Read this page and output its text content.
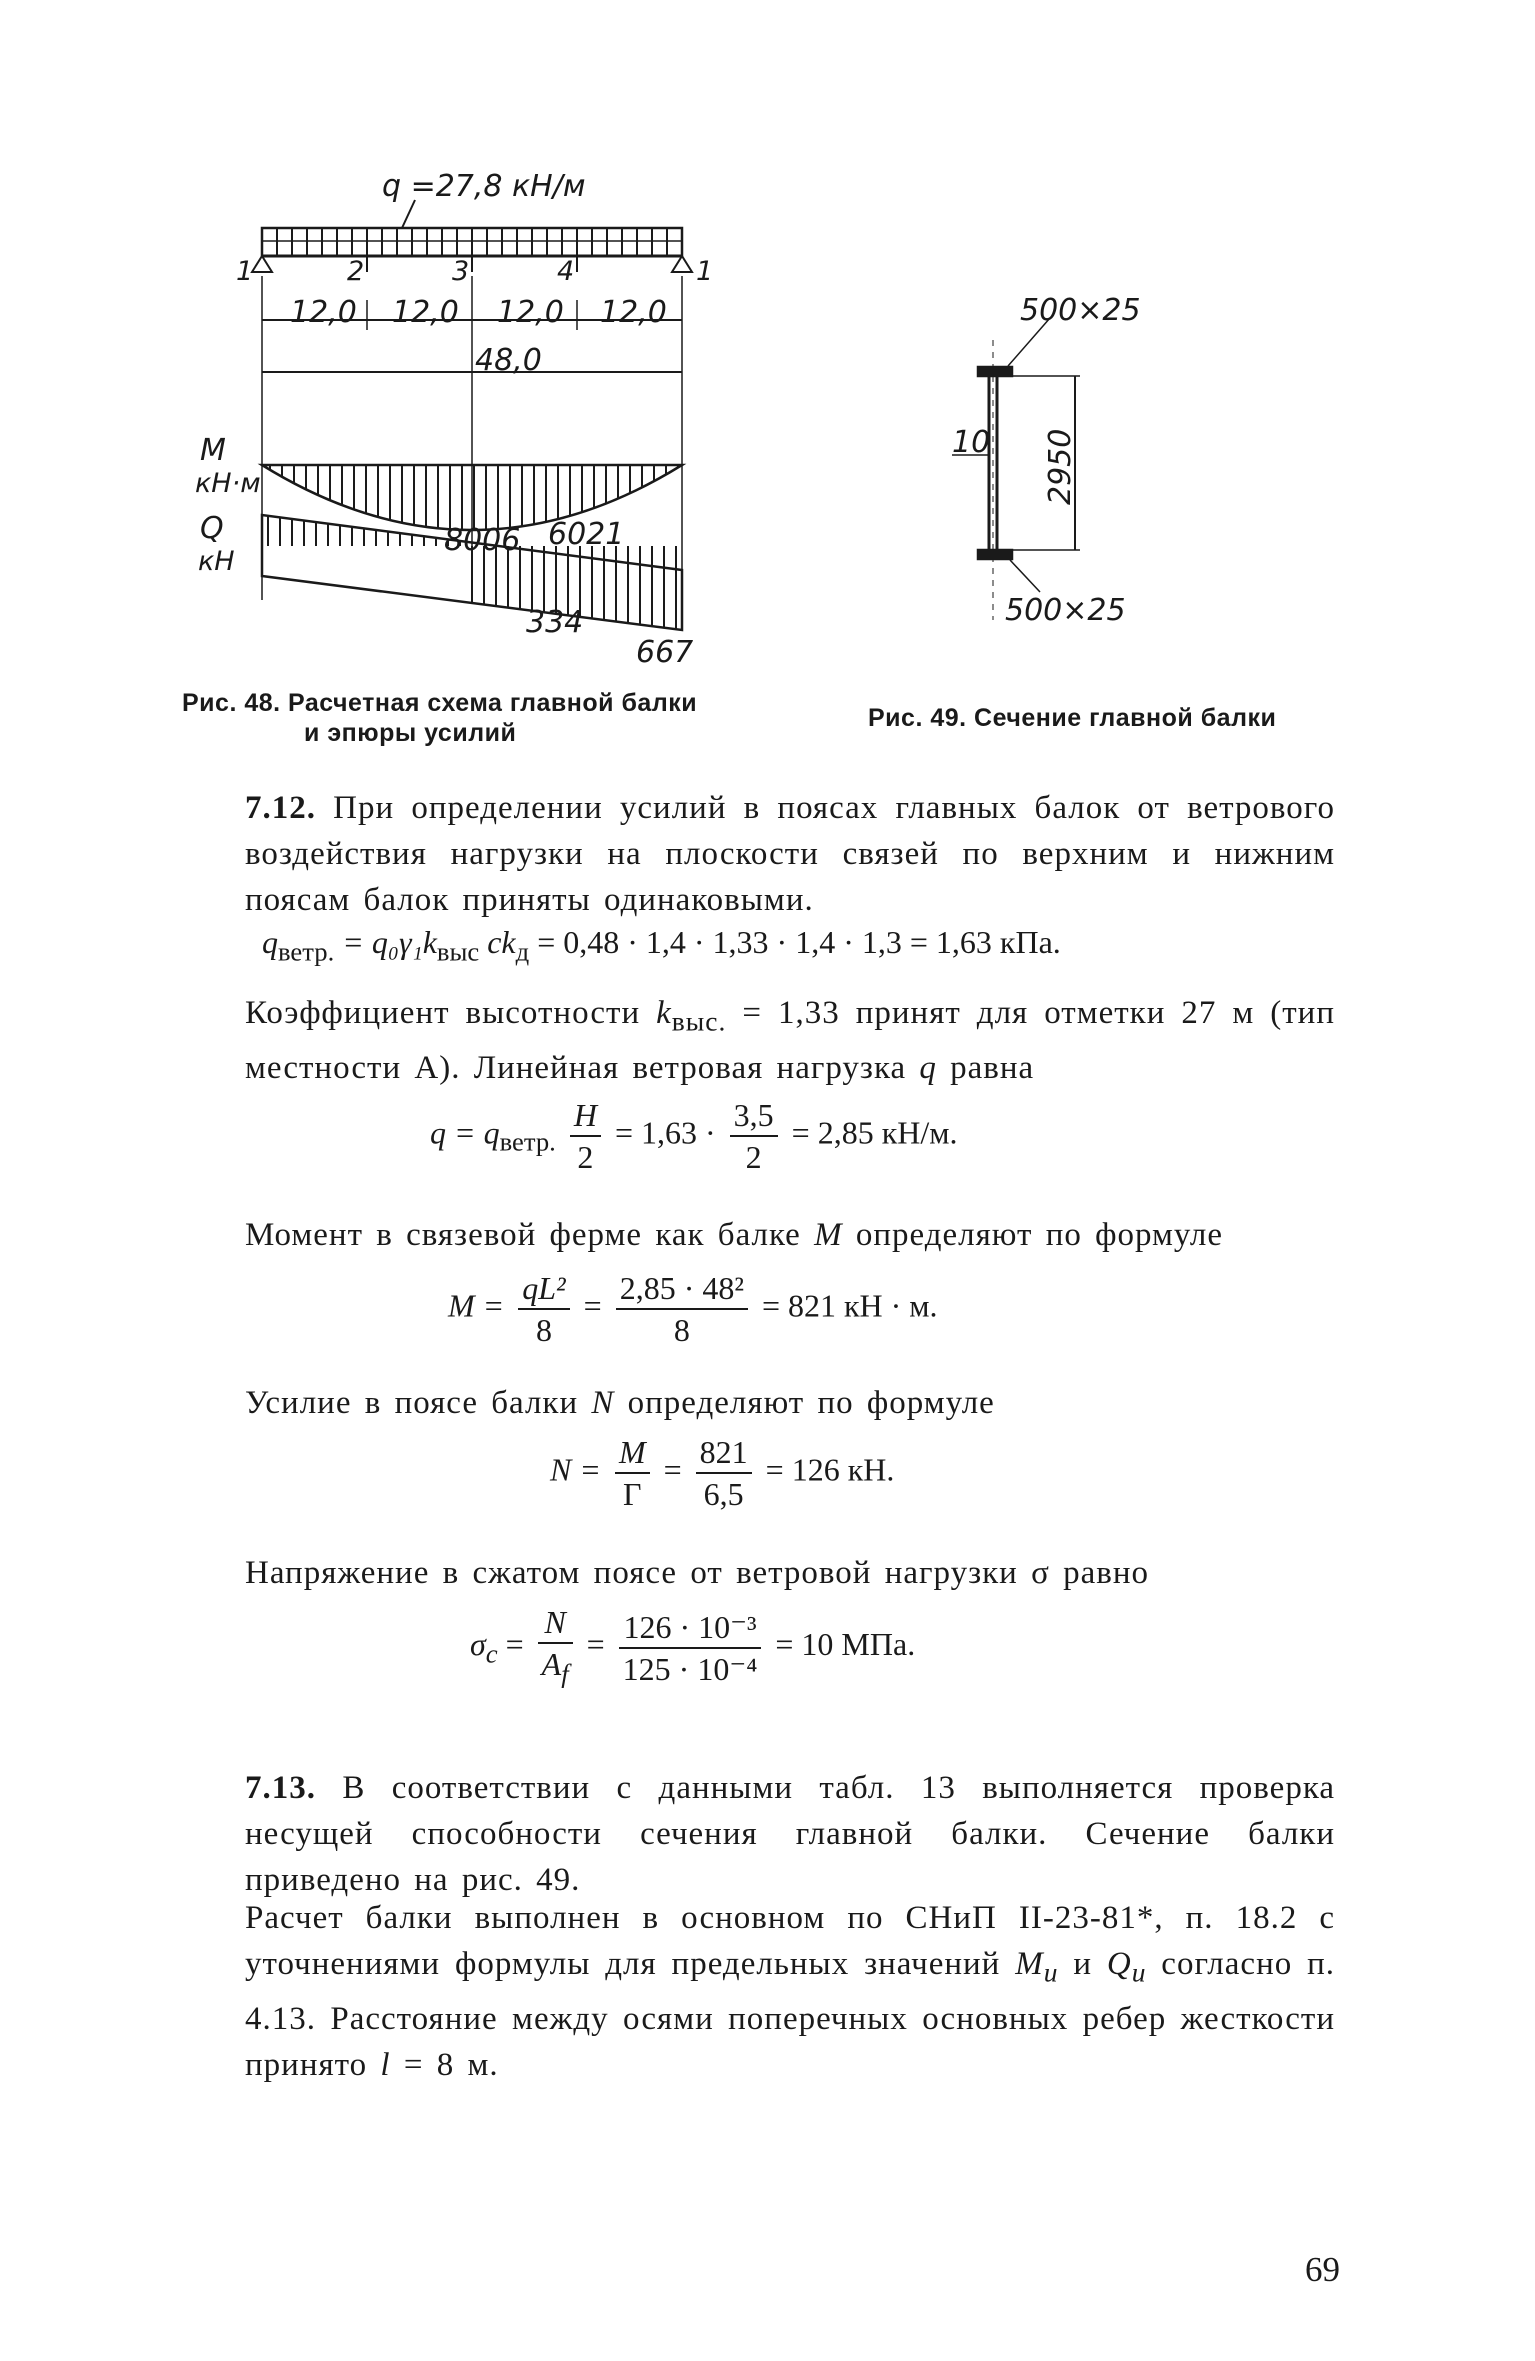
q =27,8 кН/м
1	2	3	4	1
12,0 12,0 12,0 12,0
48,0
M
кН·м
Q
кН
8006 6021
334
667
500×25
10 2950
500×25
Рис. 48. Расчетная схема главной балки
и эпюры усилий
Рис. 49. Сечение главной балки
7.12. При определении усилий в поясах главных балок от ветрового воздействия нагрузки на плоскости связей по верхним и нижним поясам балок приняты одинаковыми.
$q_{ветр.} = q_0\gamma_1k_{выс}$ $ck_д = 0,48 \cdot 1,4 \cdot 1,33 \cdot 1,4 \cdot 1,3 = 1,63$ кПа.
Коэффициент высотности $k_{выс.} = 1,33$ принят для отметки 27 м (тип местности А). Линейная ветровая нагрузка q равна
$q = q_{ветр.} \frac{H}{2} = 1,63 \cdot \frac{3,5}{2} = 2,85$ кН/м.
Момент в связевой ферме как балке M определяют по формуле
$M = \frac{\text{qL²}}{8} = \frac{\text{2,85 · 48²}}{8} = 821$ кН · м.
Усилие в поясе балки N определяют по формуле
$N = \frac{M}{Г} = \frac{821}{6,5} = 126$ кН.
Напряжение в сжатом поясе от ветровой нагрузки σ равно
$\sigma_c = \frac{N}{A_f} = \frac{\text{126 · 10⁻³}}{\text{125 · 10⁻⁴}} = 10$ МПа.
7.13. В соответствии с данными табл. 13 выполняется проверка несущей способности сечения главной балки. Сечение балки приведено на рис. 49.
Расчет балки выполнен в основном по СНиП II-23-81*, п. 18.2 с уточнениями формулы для предельных значений $M_u$ и $Q_u$ согласно п. 4.13. Расстояние между осями поперечных основных ребер жесткости принято l = 8 м.
69
